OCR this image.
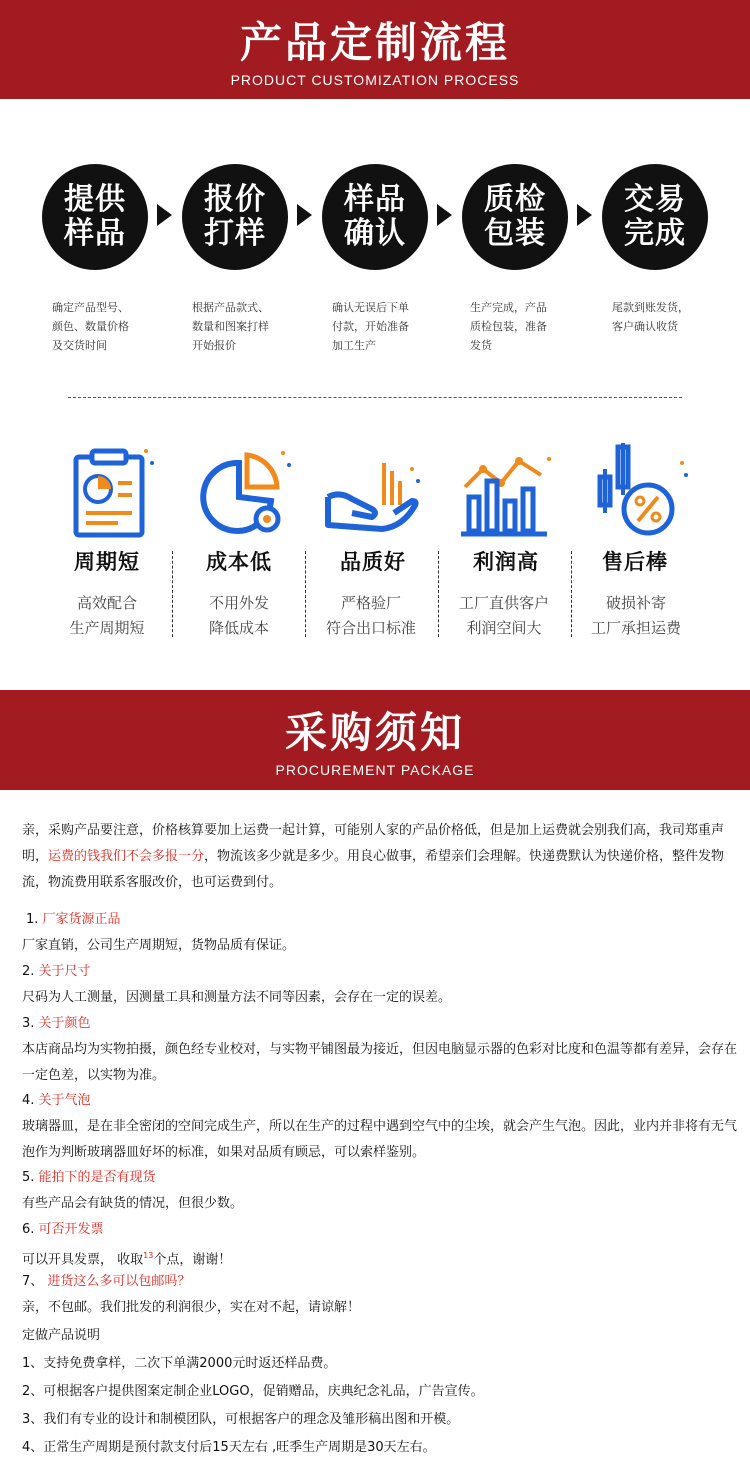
产品定制流程
PRODUCT CUSTOMIZATION PROCESS
提供
样品
报价
打样
样品
确认
质检
包装
交易
完成
确定产品型号、
颜色、数量价格
及交货时间
根据产品款式、
数量和图案打样
开始报价
确认无误后下单
付款，开始准备
加工生产
生产完成，产品
质检包装，准备
发货
尾款到账发货，
客户确认收货
周期短	成本低	品质好	利润高	售后棒
高效配合
生产周期短
不用外发
降低成本
严格验厂
符合出口标准
工厂直供客户
利润空间大
破损补寄
工厂承担运费
采购须知
PROCUREMENT PACKAGE
亲，采购产品要注意，价格核算要加上运费一起计算，可能别人家的产品价格低，但是加上运费就会别我们高，我司郑重声明，运费的钱我们不会多报一分，物流该多少就是多少。用良心做事，希望亲们会理解。快递费默认为快递价格，整件发物流，物流费用联系客服改价，也可运费到付。
1. 厂家货源正品
厂家直销，公司生产周期短，货物品质有保证。
2. 关于尺寸
尺码为人工测量，因测量工具和测量方法不同等因素，会存在一定的误差。
3. 关于颜色
本店商品均为实物拍摄，颜色经专业校对，与实物平铺图最为接近，但因电脑显示器的色彩对比度和色温等都有差异，会存在一定色差，以实物为准。
4. 关于气泡
玻璃器皿，是在非全密闭的空间完成生产，所以在生产的过程中遇到空气中的尘埃，就会产生气泡。因此，业内并非将有无气泡作为判断玻璃器皿好坏的标准，如果对品质有顾忌，可以索样鉴别。
5. 能拍下的是否有现货
有些产品会有缺货的情况，但很少数。
6. 可否开发票
可以开具发票， 收取$^{13}$个点，谢谢！
7、 进货这么多可以包邮吗？
亲，不包邮。我们批发的利润很少，实在对不起，请谅解！
定做产品说明
1、支持免费拿样，二次下单满2000元时返还样品费。
2、可根据客户提供图案定制企业LOGO，促销赠品，庆典纪念礼品，广告宣传。
3、我们有专业的设计和制模团队，可根据客户的理念及雏形稿出图和开模。
4、正常生产周期是预付款支付后15天左右 ,旺季生产周期是30天左右。
